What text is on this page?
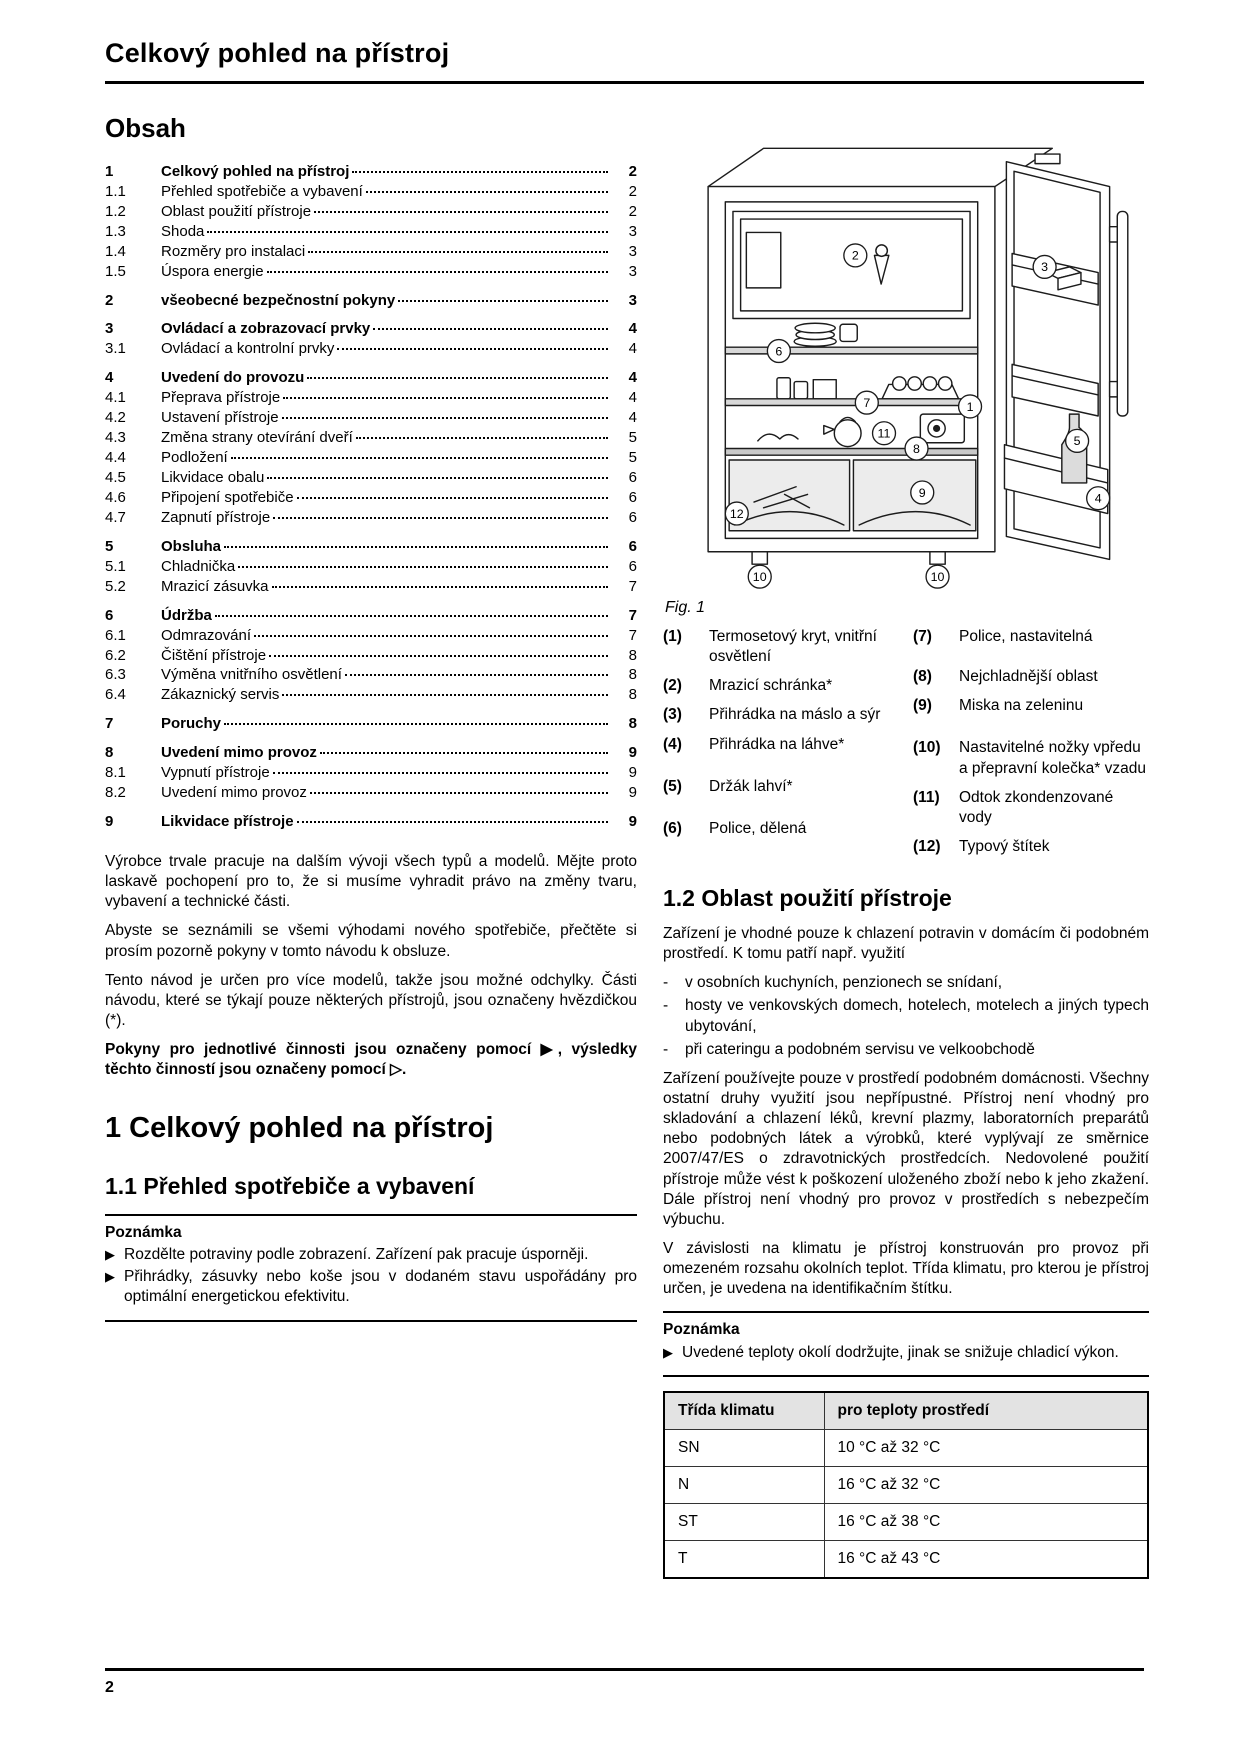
Celkový pohled na přístroj
Obsah
1	Celkový pohled na přístroj	2
1.1	Přehled spotřebiče a vybavení	2
1.2	Oblast použití přístroje	2
1.3	Shoda	3
1.4	Rozměry pro instalaci	3
1.5	Úspora energie	3
2	všeobecné bezpečnostní pokyny	3
3	Ovládací a zobrazovací prvky	4
3.1	Ovládací a kontrolní prvky	4
4	Uvedení do provozu	4
4.1	Přeprava přístroje	4
4.2	Ustavení přístroje	4
4.3	Změna strany otevírání dveří	5
4.4	Podložení	5
4.5	Likvidace obalu	6
4.6	Připojení spotřebiče	6
4.7	Zapnutí přístroje	6
5	Obsluha	6
5.1	Chladnička	6
5.2	Mrazicí zásuvka	7
6	Údržba	7
6.1	Odmrazování	7
6.2	Čištění přístroje	8
6.3	Výměna vnitřního osvětlení	8
6.4	Zákaznický servis	8
7	Poruchy	8
8	Uvedení mimo provoz	9
8.1	Vypnutí přístroje	9
8.2	Uvedení mimo provoz	9
9	Likvidace přístroje	9

Výrobce trvale pracuje na dalším vývoji všech typů a modelů. Mějte proto laskavě pochopení pro to, že si musíme vyhradit právo na změny tvaru, vybavení a technické části.

Abyste se seznámili se všemi výhodami nového spotřebiče, přečtěte si prosím pozorně pokyny v tomto návodu k obsluze.

Tento návod je určen pro více modelů, takže jsou možné odchylky. Části návodu, které se týkají pouze některých přístrojů, jsou označeny hvězdičkou (*).

Pokyny pro jednotlivé činnosti jsou označeny pomocí ▶, výsledky těchto činností jsou označeny pomocí ▷.

1 Celkový pohled na přístroj
1.1 Přehled spotřebiče a vybavení
Poznámka
▶ Rozdělte potraviny podle zobrazení. Zařízení pak pracuje úsporněji.
▶ Přihrádky, zásuvky nebo koše jsou v dodaném stavu uspořádány pro optimální energetickou efektivitu.
1
2
3
4
5
6
7
8
9
10	10
11
12
Fig. 1
(1)	Termosetový kryt, vnitřní osvětlení
(2)	Mrazicí schránka*
(3)	Přihrádka na máslo a sýr
(4)	Přihrádka na láhve*
(5)	Držák lahví*
(6)	Police, dělená
(7)	Police, nastavitelná
(8)	Nejchladnější oblast
(9)	Miska na zeleninu
(10)	Nastavitelné nožky vpředu a přepravní kolečka* vzadu
(11)	Odtok zkondenzované vody
(12)	Typový štítek
1.2 Oblast použití přístroje

Zařízení je vhodné pouze k chlazení potravin v domácím či podobném prostředí. K tomu patří např. využití

- v osobních kuchyních, penzionech se snídaní,
- hosty ve venkovských domech, hotelech, motelech a jiných typech ubytování,
- při cateringu a podobném servisu ve velkoobchodě

Zařízení používejte pouze v prostředí podobném domácnosti. Všechny ostatní druhy využití jsou nepřípustné. Přístroj není vhodný pro skladování a chlazení léků, krevní plazmy, laboratorních preparátů nebo podobných látek a výrobků, které vyplývají ze směrnice 2007/47/ES o zdravotnických prostředcích. Nedovolené použití přístroje může vést k poškození uloženého zboží nebo k jeho zkažení. Dále přístroj není vhodný pro provoz v prostředích s nebezpečím výbuchu.

V závislosti na klimatu je přístroj konstruován pro provoz při omezeném rozsahu okolních teplot. Třída klimatu, pro kterou je přístroj určen, je uvedena na identifikačním štítku.

Poznámka
▶ Uvedené teploty okolí dodržujte, jinak se snižuje chladicí výkon.
Třída klimatu	pro teploty prostředí
SN	10 °C až 32 °C
N	16 °C až 32 °C
ST	16 °C až 38 °C
T	16 °C až 43 °C
2
